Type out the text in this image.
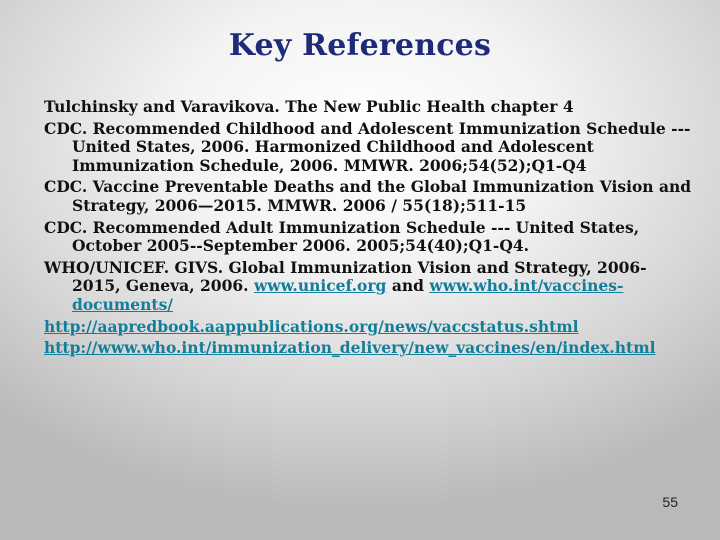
Key References
Tulchinsky and Varavikova. The New Public Health chapter 4
CDC. Recommended Childhood and Adolescent Immunization Schedule --- United States, 2006. Harmonized Childhood and Adolescent Immunization Schedule, 2006. MMWR. 2006;54(52);Q1-Q4
CDC. Vaccine Preventable Deaths and the Global Immunization Vision and Strategy, 2006—2015. MMWR. 2006 / 55(18);511-15
CDC. Recommended Adult Immunization Schedule --- United States, October 2005--September 2006. 2005;54(40);Q1-Q4.
WHO/UNICEF. GIVS. Global Immunization Vision and Strategy, 2006-2015, Geneva, 2006. www.unicef.org and www.who.int/vaccines-documents/
http://aapredbook.aappublications.org/news/vaccstatus.shtml
http://www.who.int/immunization_delivery/new_vaccines/en/index.html
55
